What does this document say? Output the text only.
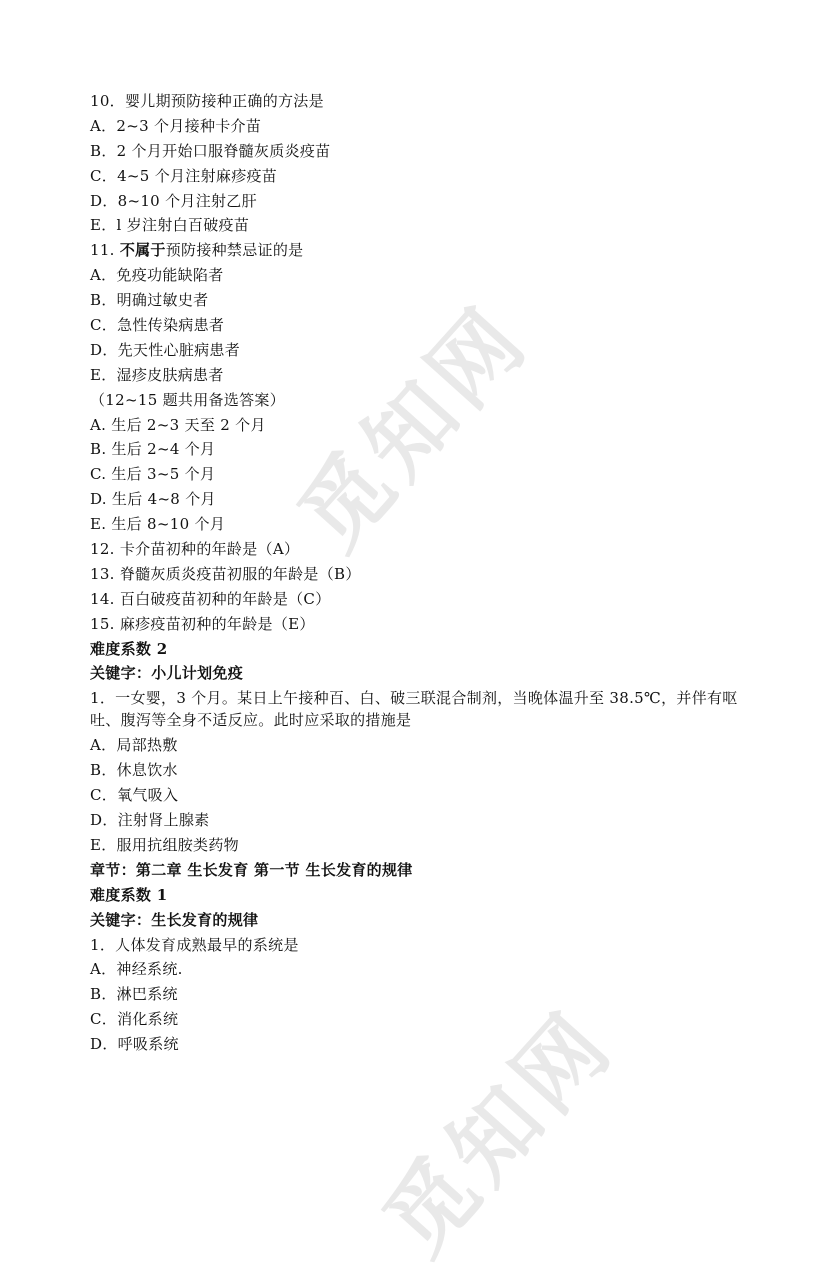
觅知网
觅知网
10．婴儿期预防接种正确的方法是
A．2~3 个月接种卡介苗
B．2 个月开始口服脊髓灰质炎疫苗
C．4~5 个月注射麻疹疫苗
D．8~10 个月注射乙肝
E．l 岁注射白百破疫苗
11. 不属于预防接种禁忌证的是
A．免疫功能缺陷者
B．明确过敏史者
C．急性传染病患者
D．先天性心脏病患者
E．湿疹皮肤病患者
（12~15 题共用备选答案）
A. 生后 2~3 天至 2 个月
B. 生后 2~4 个月
C. 生后 3~5 个月
D. 生后 4~8 个月
E. 生后 8~10 个月
12. 卡介苗初种的年龄是（A）
13. 脊髓灰质炎疫苗初服的年龄是（B）
14. 百白破疫苗初种的年龄是（C）
15. 麻疹疫苗初种的年龄是（E）
难度系数 2
关键字：小儿计划免疫
1．一女婴，3 个月。某日上午接种百、白、破三联混合制剂，当晚体温升至 38.5℃，并伴有呕吐、腹泻等全身不适反应。此时应采取的措施是
A．局部热敷
B．休息饮水
C．氧气吸入
D．注射肾上腺素
E．服用抗组胺类药物
章节：第二章 生长发育 第一节 生长发育的规律
难度系数 1
关键字：生长发育的规律
1．人体发育成熟最早的系统是
A．神经系统.
B．淋巴系统
C．消化系统
D．呼吸系统
